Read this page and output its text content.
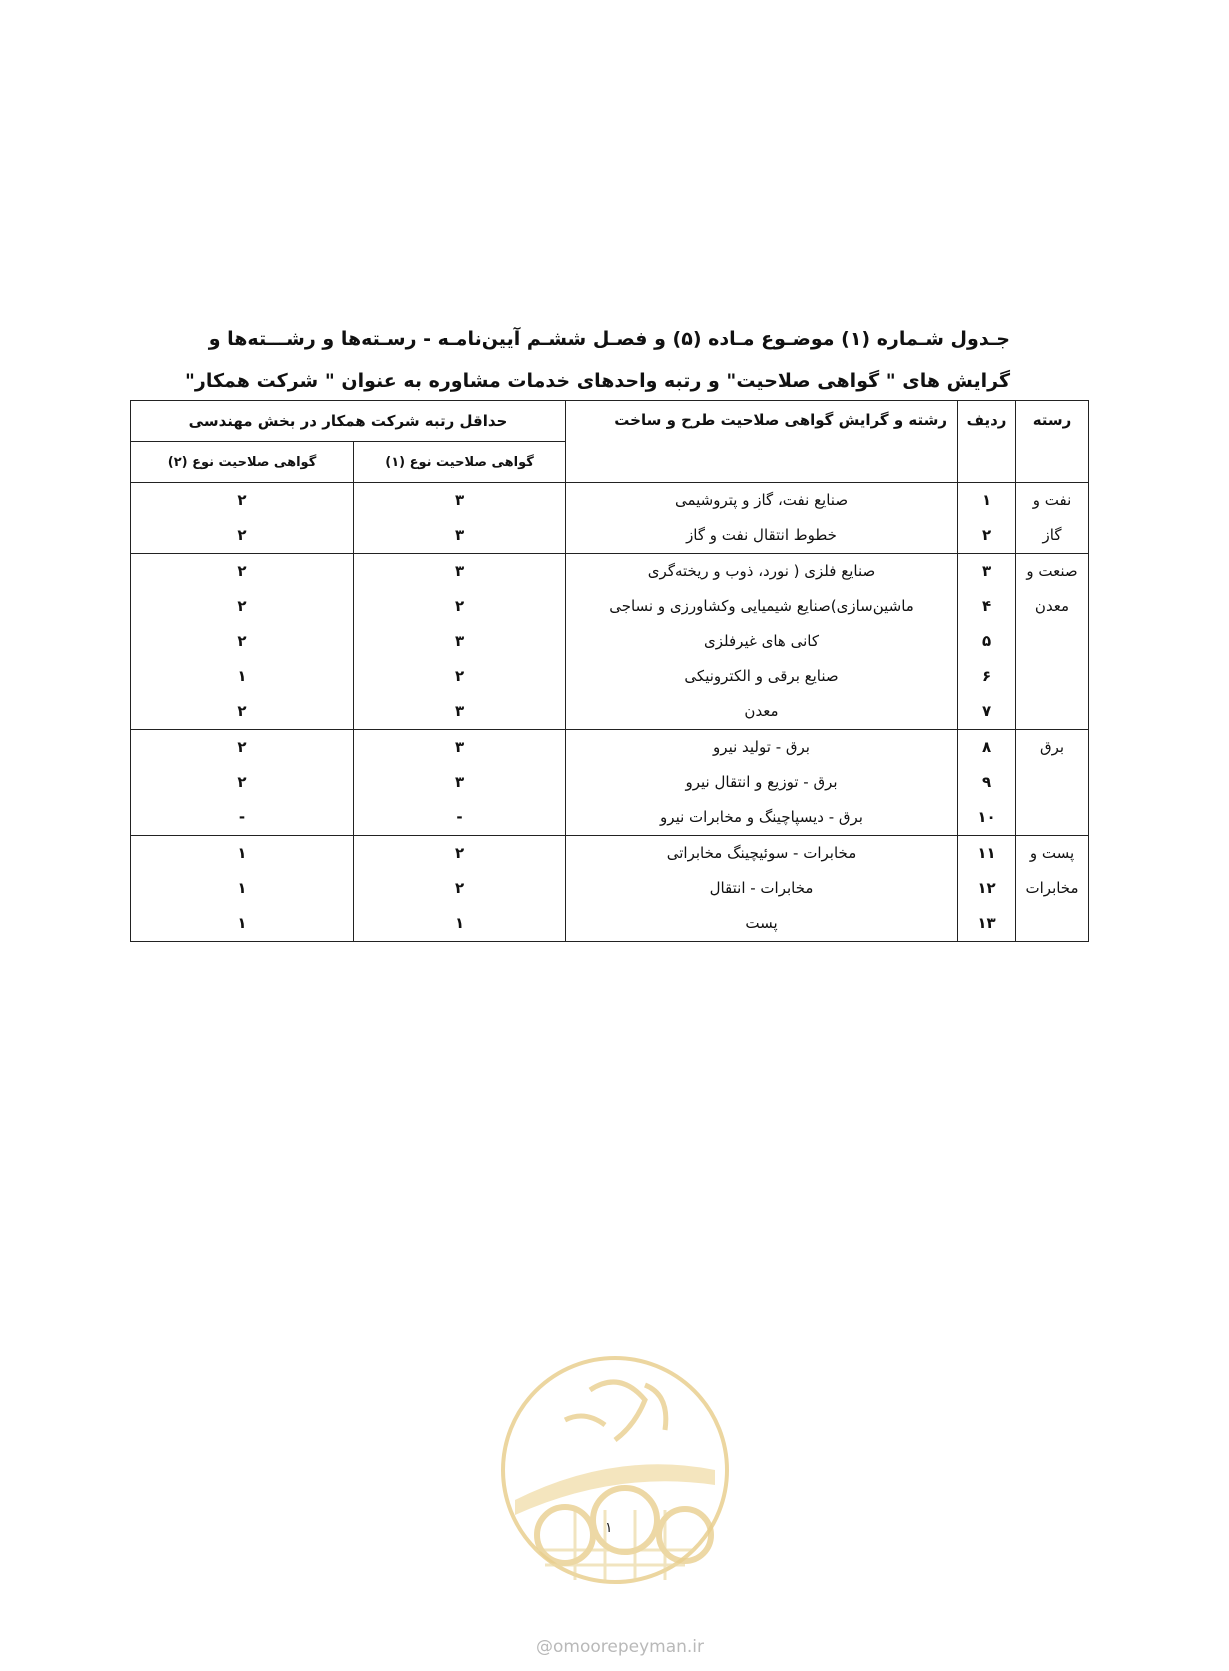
جـدول شـماره (۱) موضـوع مـاده (۵) و فصـل ششـم آیین‌نامـه - رسـته‌ها و رشـــته‌ها و
گرایش های " گواهی صلاحیت" و رتبه واحدهای خدمات مشاوره به عنوان " شرکت همکار"
رسته	ردیف	رشته و گرایش گواهی صلاحیت طرح و ساخت	حداقل رتبه شرکت همکار در بخش مهندسی	
			گواهی صلاحیت نوع (۱)	گواهی صلاحیت نوع (۲)
نفت و گاز	۱	صنایع نفت، گاز و پتروشیمی	۳	۲
	۲	خطوط انتقال نفت و گاز	۳	۲
صنعت و معدن	۳	صنایع فلزی ( نورد، ذوب و ریخته‌گری	۳	۲
	۴	ماشین‌سازی)صنایع شیمیایی وکشاورزی و نساجی	۲	۲
	۵	کانی های غیرفلزی	۳	۲
	۶	صنایع برقی و الکترونیکی	۲	۱
	۷	معدن	۳	۲
برق	۸	برق - تولید نیرو	۳	۲
	۹	برق - توزیع و انتقال نیرو	۳	۲
	۱۰	برق - دیسپاچینگ و مخابرات نیرو	-	-
پست و مخابرات	۱۱	مخابرات - سوئیچینگ مخابراتی	۲	۱
	۱۲	مخابرات - انتقال	۲	۱
	۱۳	پست	۱	۱
۱
@omoorepeyman.ir
